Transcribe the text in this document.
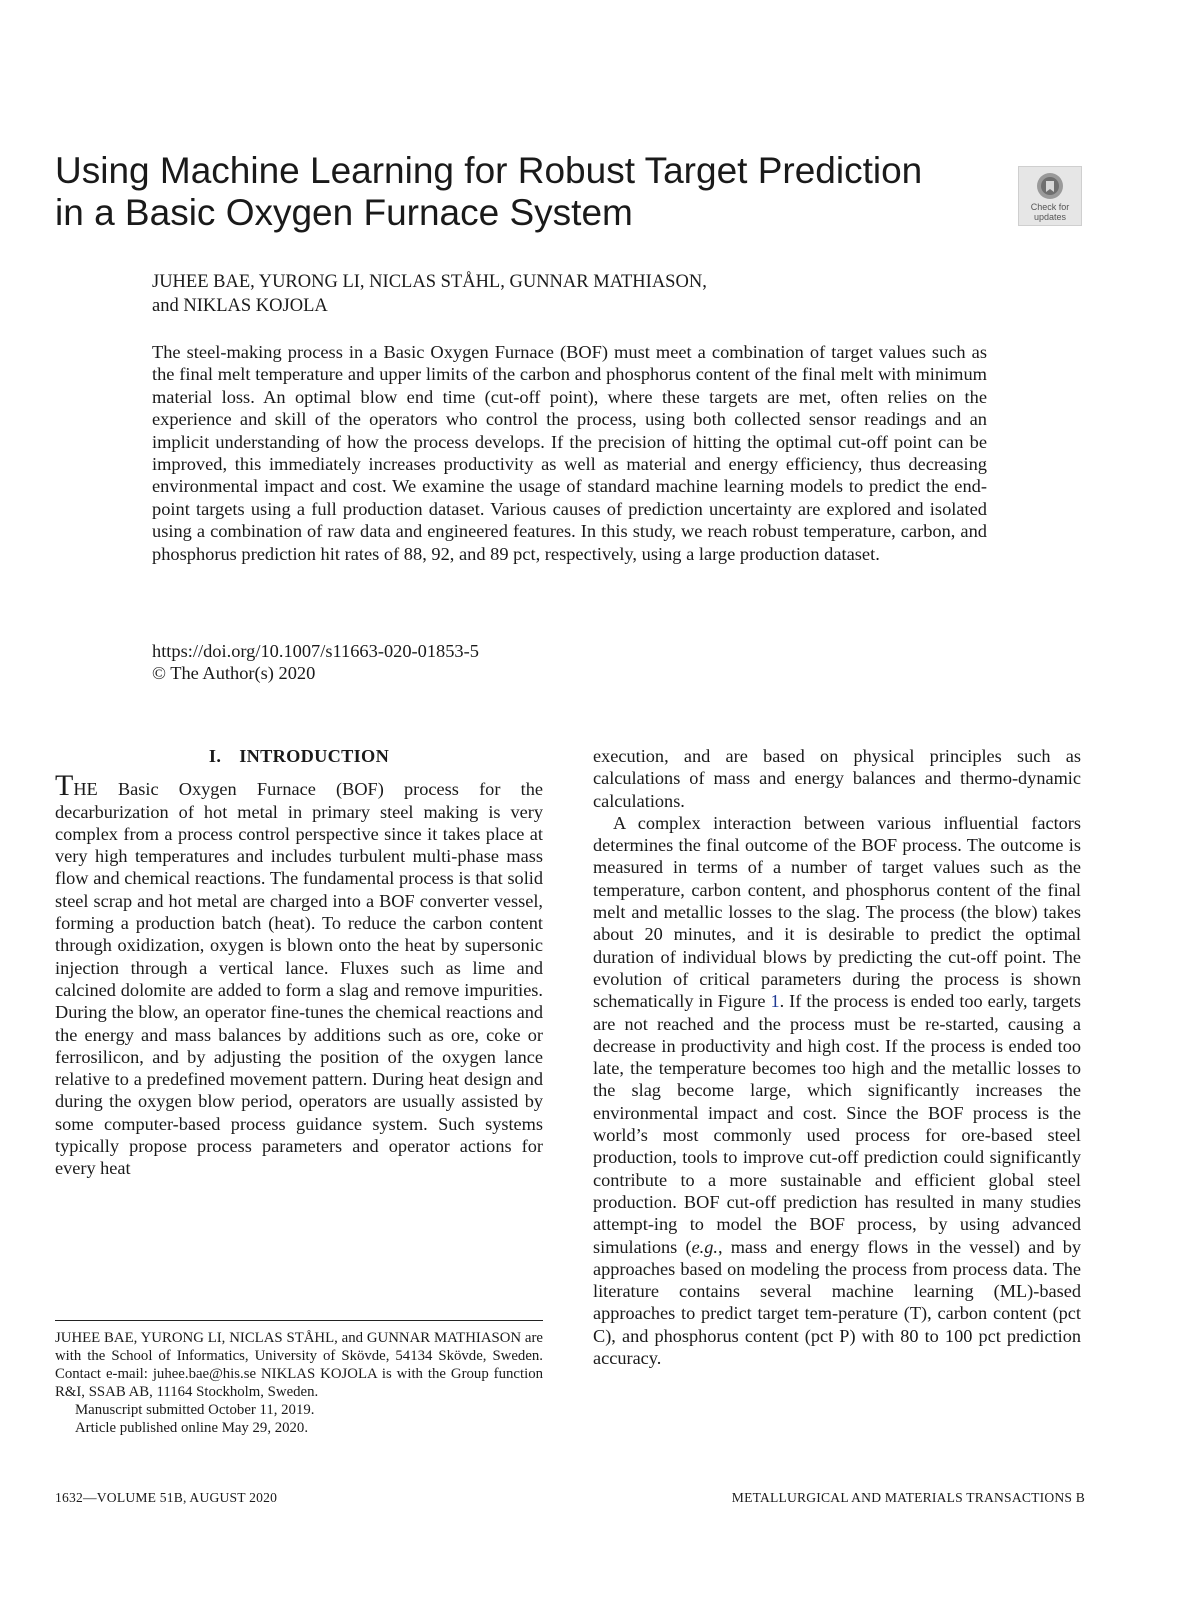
Using Machine Learning for Robust Target Prediction
in a Basic Oxygen Furnace System	Check for
updates
JUHEE BAE, YURONG LI, NICLAS STÅHL, GUNNAR MATHIASON,
and NIKLAS KOJOLA

The steel-making process in a Basic Oxygen Furnace (BOF) must meet a combination of target values such as the final melt temperature and upper limits of the carbon and phosphorus content of the final melt with minimum material loss. An optimal blow end time (cut-off point), where these targets are met, often relies on the experience and skill of the operators who control the process, using both collected sensor readings and an implicit understanding of how the process develops. If the precision of hitting the optimal cut-off point can be improved, this immediately increases productivity as well as material and energy efficiency, thus decreasing environmental impact and cost. We examine the usage of standard machine learning models to predict the end-point targets using a full production dataset. Various causes of prediction uncertainty are explored and isolated using a combination of raw data and engineered features. In this study, we reach robust temperature, carbon, and phosphorus prediction hit rates of 88, 92, and 89 pct, respectively, using a large production dataset.

https://doi.org/10.1007/s11663-020-01853-5
© The Author(s) 2020
I. INTRODUCTION

THE Basic Oxygen Furnace (BOF) process for the decarburization of hot metal in primary steel making is very complex from a process control perspective since it takes place at very high temperatures and includes turbulent multi-phase mass flow and chemical reactions. The fundamental process is that solid steel scrap and hot metal are charged into a BOF converter vessel, forming a production batch (heat). To reduce the carbon content through oxidization, oxygen is blown onto the heat by supersonic injection through a vertical lance. Fluxes such as lime and calcined dolomite are added to form a slag and remove impurities. During the blow, an operator fine-tunes the chemical reactions and the energy and mass balances by additions such as ore, coke or ferrosilicon, and by adjusting the position of the oxygen lance relative to a predefined movement pattern. During heat design and during the oxygen blow period, operators are usually assisted by some computer-based process guidance system. Such systems typically propose process parameters and operator actions for every heat

execution, and are based on physical principles such as calculations of mass and energy balances and thermo-dynamic calculations.

A complex interaction between various influential factors determines the final outcome of the BOF process. The outcome is measured in terms of a number of target values such as the temperature, carbon content, and phosphorus content of the final melt and metallic losses to the slag. The process (the blow) takes about 20 minutes, and it is desirable to predict the optimal duration of individual blows by predicting the cut-off point. The evolution of critical parameters during the process is shown schematically in Figure 1. If the process is ended too early, targets are not reached and the process must be re-started, causing a decrease in productivity and high cost. If the process is ended too late, the temperature becomes too high and the metallic losses to the slag become large, which significantly increases the environmental impact and cost. Since the BOF process is the world’s most commonly used process for ore-based steel production, tools to improve cut-off prediction could significantly contribute to a more sustainable and efficient global steel production. BOF cut-off prediction has resulted in many studies attempt-ing to model the BOF process, by using advanced simulations (e.g., mass and energy flows in the vessel) and by approaches based on modeling the process from process data. The literature contains several machine learning (ML)-based approaches to predict target tem-perature (T), carbon content (pct C), and phosphorus content (pct P) with 80 to 100 pct prediction accuracy.

JUHEE BAE, YURONG LI, NICLAS STÅHL, and GUNNAR MATHIASON are with the School of Informatics, University of Skövde, 54134 Skövde, Sweden. Contact e-mail: juhee.bae@his.se NIKLAS KOJOLA is with the Group function R&I, SSAB AB, 11164 Stockholm, Sweden.
Manuscript submitted October 11, 2019.
Article published online May 29, 2020.
1632—VOLUME 51B, AUGUST 2020	METALLURGICAL AND MATERIALS TRANSACTIONS B
